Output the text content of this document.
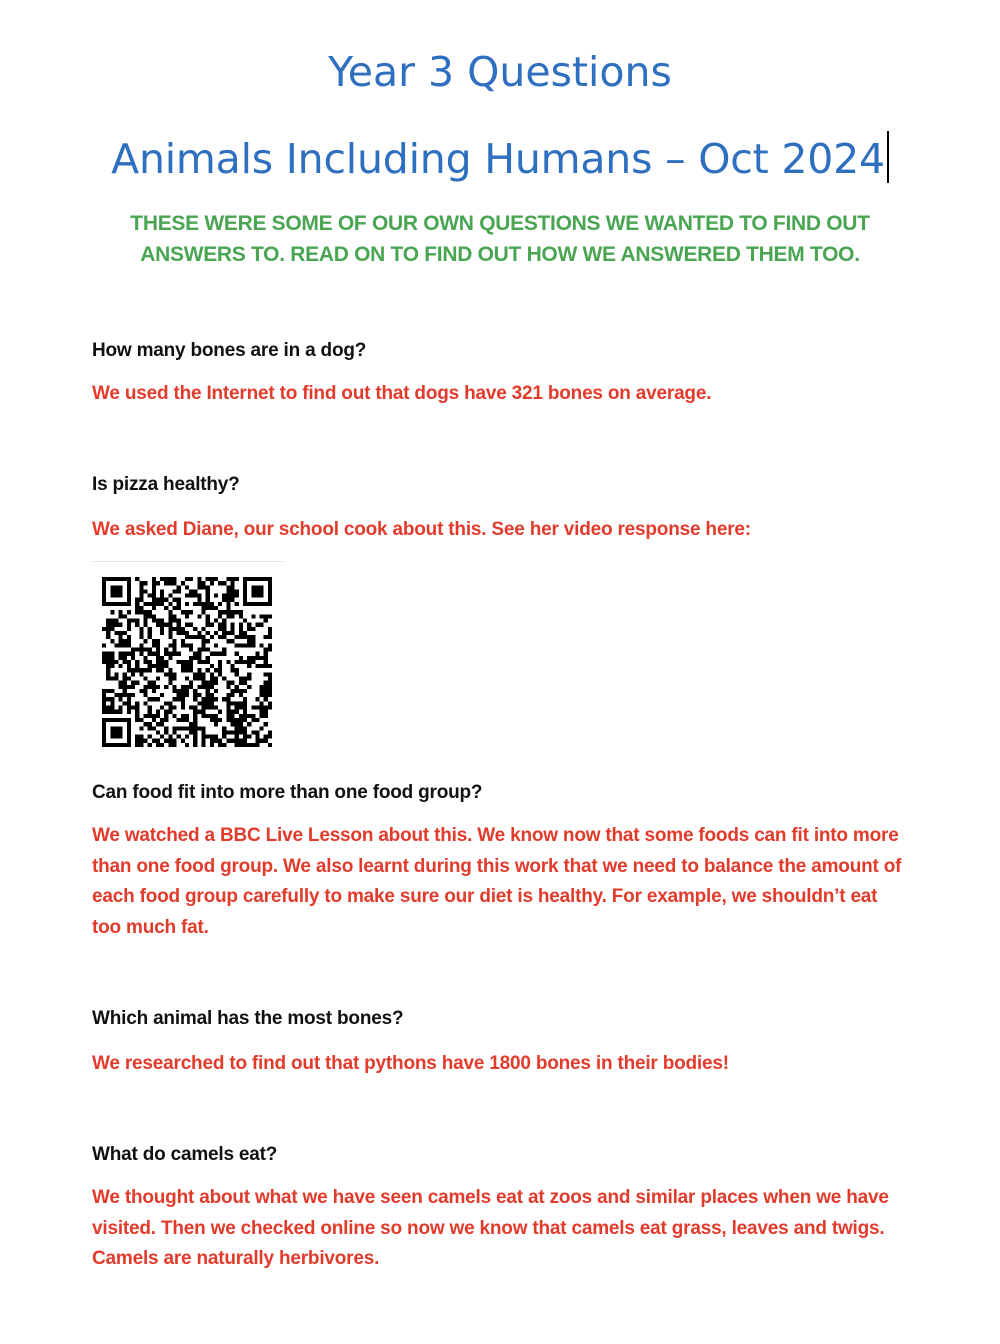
Year 3 Questions
Animals Including Humans – Oct 2024

THESE WERE SOME OF OUR OWN QUESTIONS WE WANTED TO FIND OUT ANSWERS TO. READ ON TO FIND OUT HOW WE ANSWERED THEM TOO.

How many bones are in a dog?

We used the Internet to find out that dogs have 321 bones on average.

Is pizza healthy?

We asked Diane, our school cook about this. See her video response here:

Can food fit into more than one food group?

We watched a BBC Live Lesson about this. We know now that some foods can fit into more than one food group. We also learnt during this work that we need to balance the amount of each food group carefully to make sure our diet is healthy. For example, we shouldn’t eat too much fat.

Which animal has the most bones?

We researched to find out that pythons have 1800 bones in their bodies!

What do camels eat?

We thought about what we have seen camels eat at zoos and similar places when we have visited. Then we checked online so now we know that camels eat grass, leaves and twigs. Camels are naturally herbivores.
